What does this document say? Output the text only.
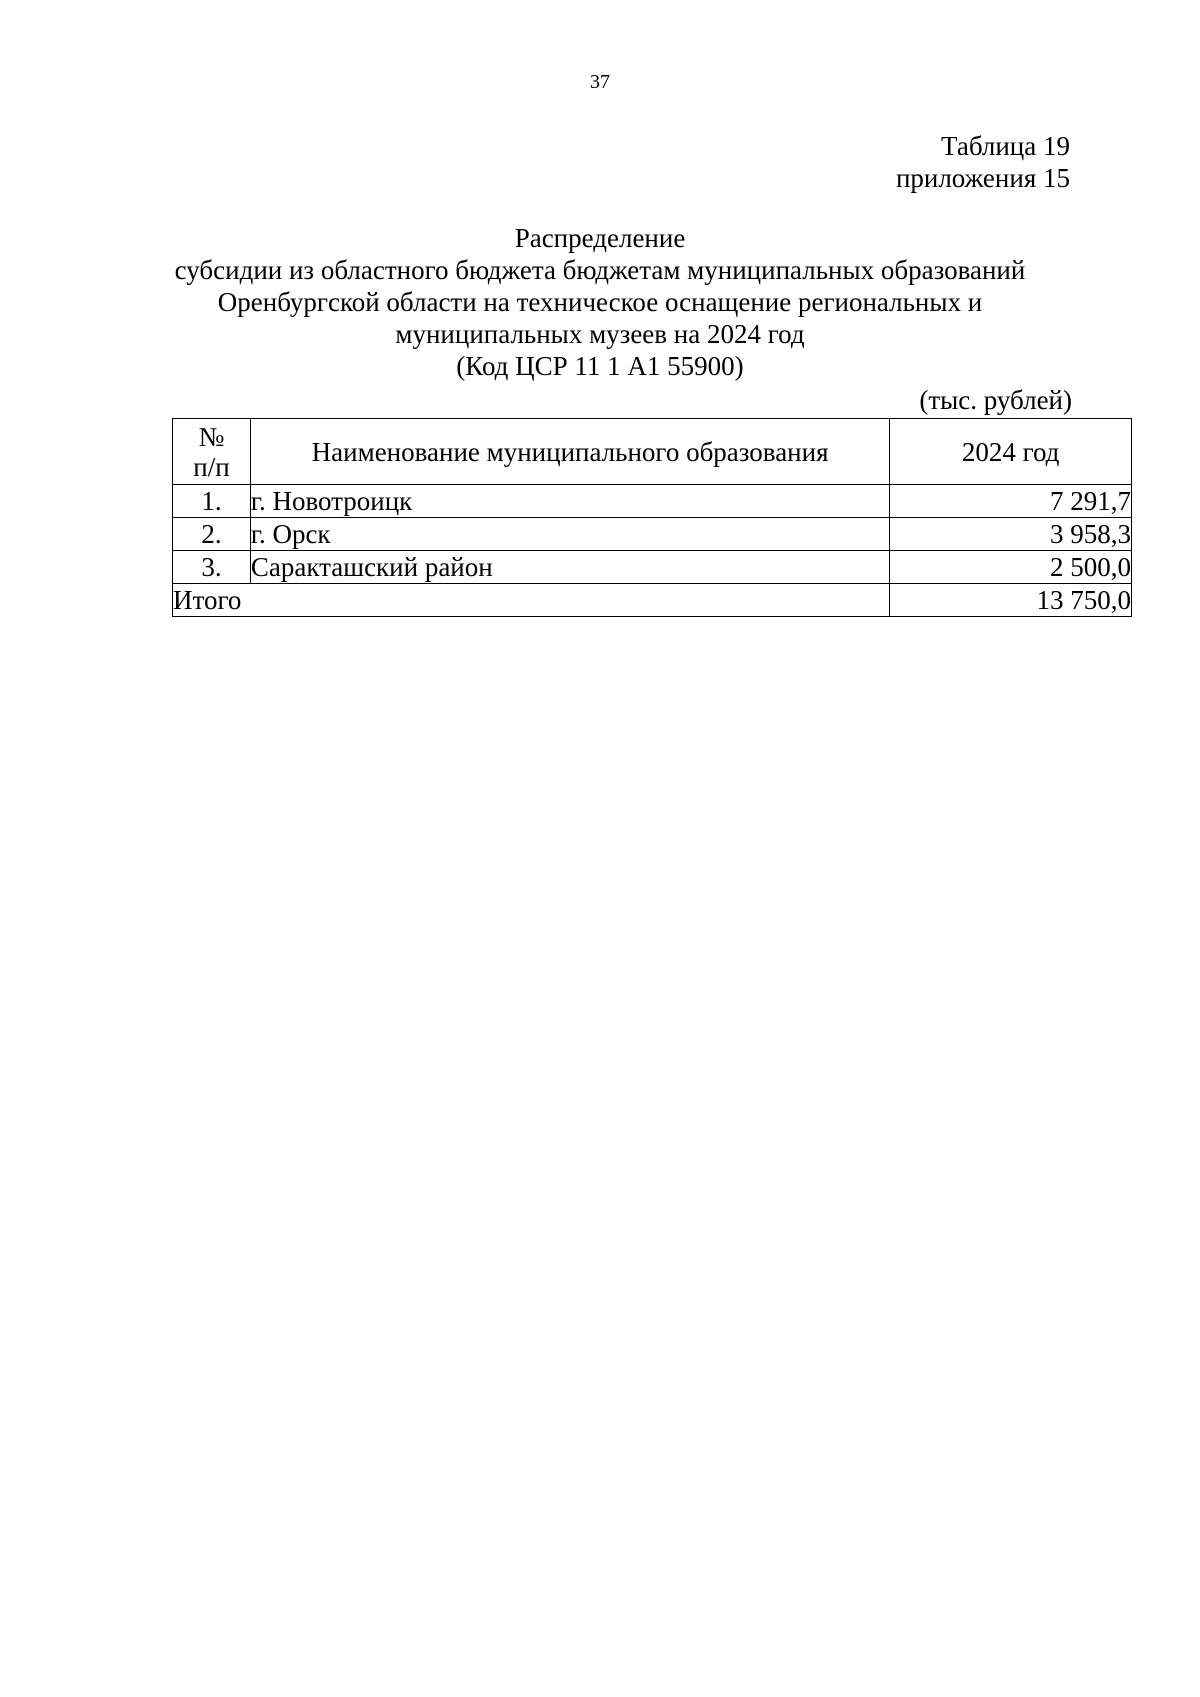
37
Таблица 19
приложения 15
Распределение
субсидии из областного бюджета бюджетам муниципальных образований
Оренбургской области на техническое оснащение региональных и
муниципальных музеев на 2024 год
(Код ЦСР 11 1 А1 55900)
(тыс. рублей)
№
п/п	Наименование муниципального образования	2024 год
1.	г. Новотроицк	7 291,7
2.	г. Орск	3 958,3
3.	Саракташский район	2 500,0
Итого		13 750,0
